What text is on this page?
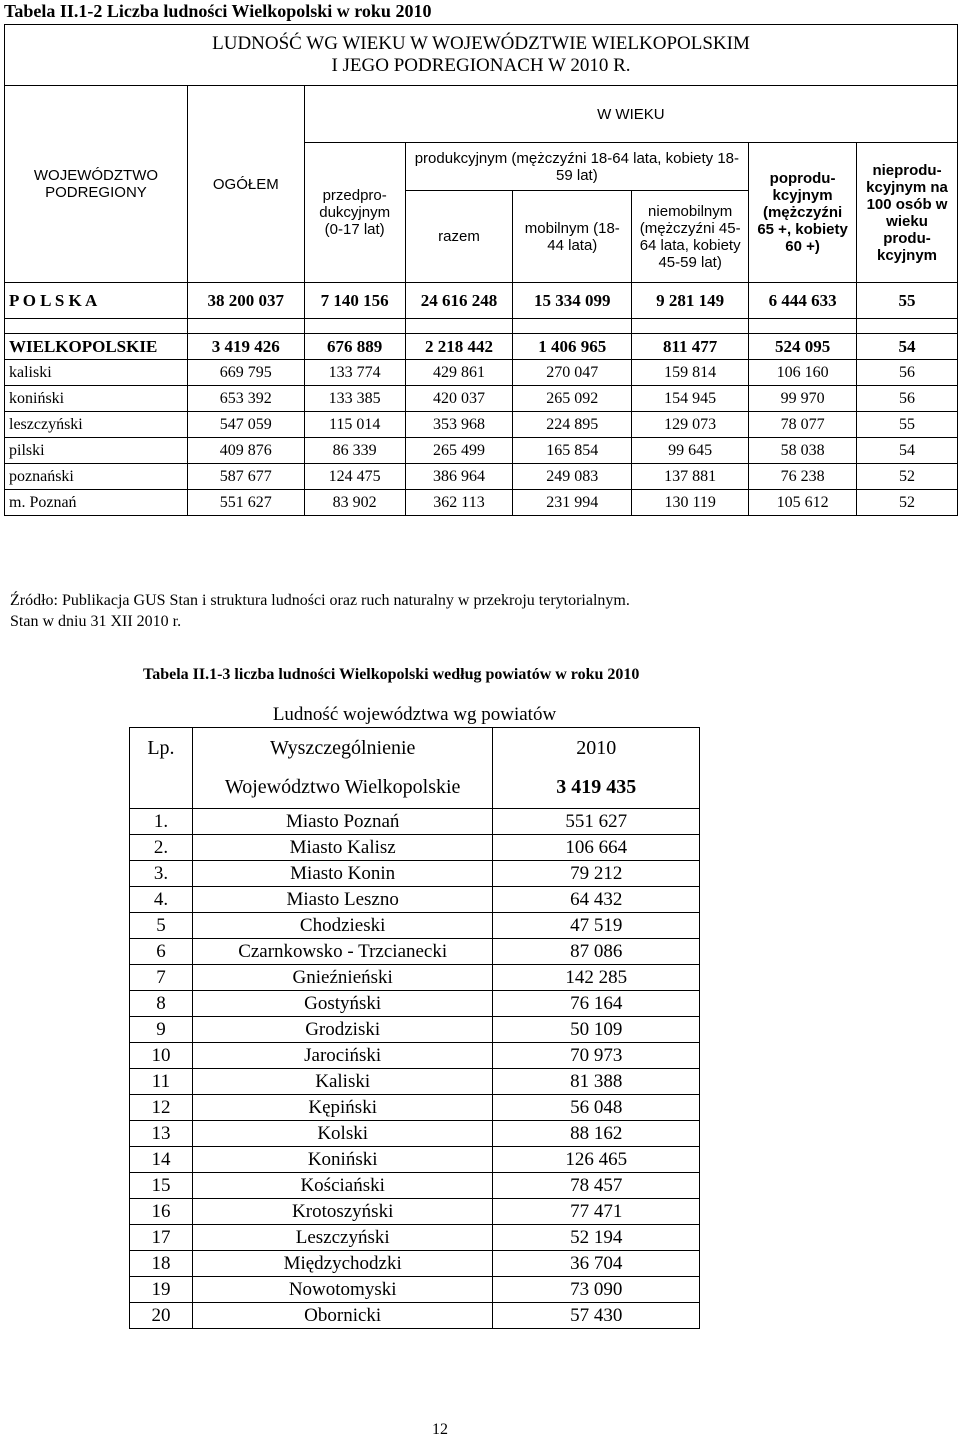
Tabela II.1-2 Liczba ludności Wielkopolski w roku 2010
LUDNOŚĆ WG WIEKU W WOJEWÓDZTWIE WIELKOPOLSKIM
I JEGO PODREGIONACH W 2010 R.							

WOJEWÓDZTWO PODREGIONY	OGÓŁEM	W WIEKU					
		przedpro-dukcyjnym (0-17 lat)	produkcyjnym (mężczyźni 18-64 lata, kobiety 18-59 lat)			poprodu-kcyjnym (mężczyźni 65 +, kobiety 60 +)	nieprodu-kcyjnym na 100 osób w wieku produ-kcyjnym
			razem	mobilnym (18-44 lata)	niemobilnym (mężczyźni 45-64 lata, kobiety 45-59 lat)		
P O L S K A	38 200 037	7 140 156	24 616 248	15 334 099	9 281 149	6 444 633	55

WIELKOPOLSKIE	3 419 426	676 889	2 218 442	1 406 965	811 477	524 095	54
kaliski	669 795	133 774	429 861	270 047	159 814	106 160	56
koniński	653 392	133 385	420 037	265 092	154 945	99 970	56
leszczyński	547 059	115 014	353 968	224 895	129 073	78 077	55
pilski	409 876	86 339	265 499	165 854	99 645	58 038	54
poznański	587 677	124 475	386 964	249 083	137 881	76 238	52
m. Poznań	551 627	83 902	362 113	231 994	130 119	105 612	52
Źródło: Publikacja GUS Stan i struktura ludności oraz ruch naturalny w przekroju terytorialnym.
Stan w dniu 31 XII 2010 r.
Tabela II.1-3 liczba ludności Wielkopolski według powiatów w roku 2010
Ludność województwa wg powiatów		
Lp.	Wyszczególnienie	2010
	Województwo Wielkopolskie	3 419 435
1.	Miasto Poznań	551 627
2.	Miasto Kalisz	106 664
3.	Miasto Konin	79 212
4.	Miasto Leszno	64 432
5	Chodzieski	47 519
6	Czarnkowsko - Trzcianecki	87 086
7	Gnieźnieński	142 285
8	Gostyński	76 164
9	Grodziski	50 109
10	Jarociński	70 973
11	Kaliski	81 388
12	Kępiński	56 048
13	Kolski	88 162
14	Koniński	126 465
15	Kościański	78 457
16	Krotoszyński	77 471
17	Leszczyński	52 194
18	Międzychodzki	36 704
19	Nowotomyski	73 090
20	Obornicki	57 430
12
